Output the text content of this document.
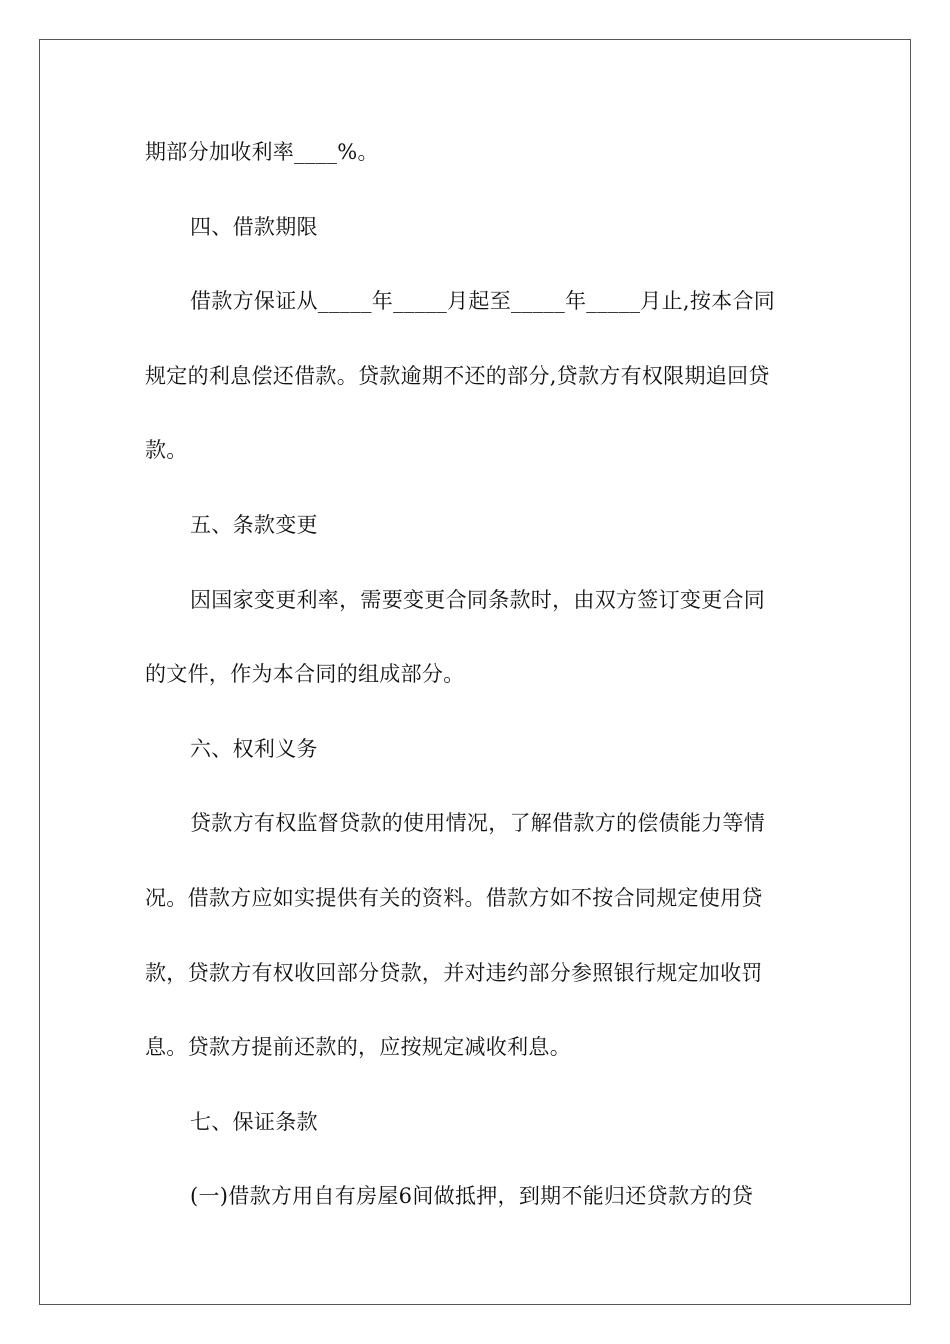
期部分加收利率____%。
四、借款期限
借款方保证从_____年_____月起至_____年_____月止,按本合同
规定的利息偿还借款。贷款逾期不还的部分,贷款方有权限期追回贷
款。
五、条款变更
因国家变更利率，需要变更合同条款时，由双方签订变更合同
的文件，作为本合同的组成部分。
六、权利义务
贷款方有权监督贷款的使用情况，了解借款方的偿债能力等情
况。借款方应如实提供有关的资料。借款方如不按合同规定使用贷
款，贷款方有权收回部分贷款，并对违约部分参照银行规定加收罚
息。贷款方提前还款的，应按规定减收利息。
七、保证条款
(一)借款方用自有房屋6间做抵押，到期不能归还贷款方的贷
